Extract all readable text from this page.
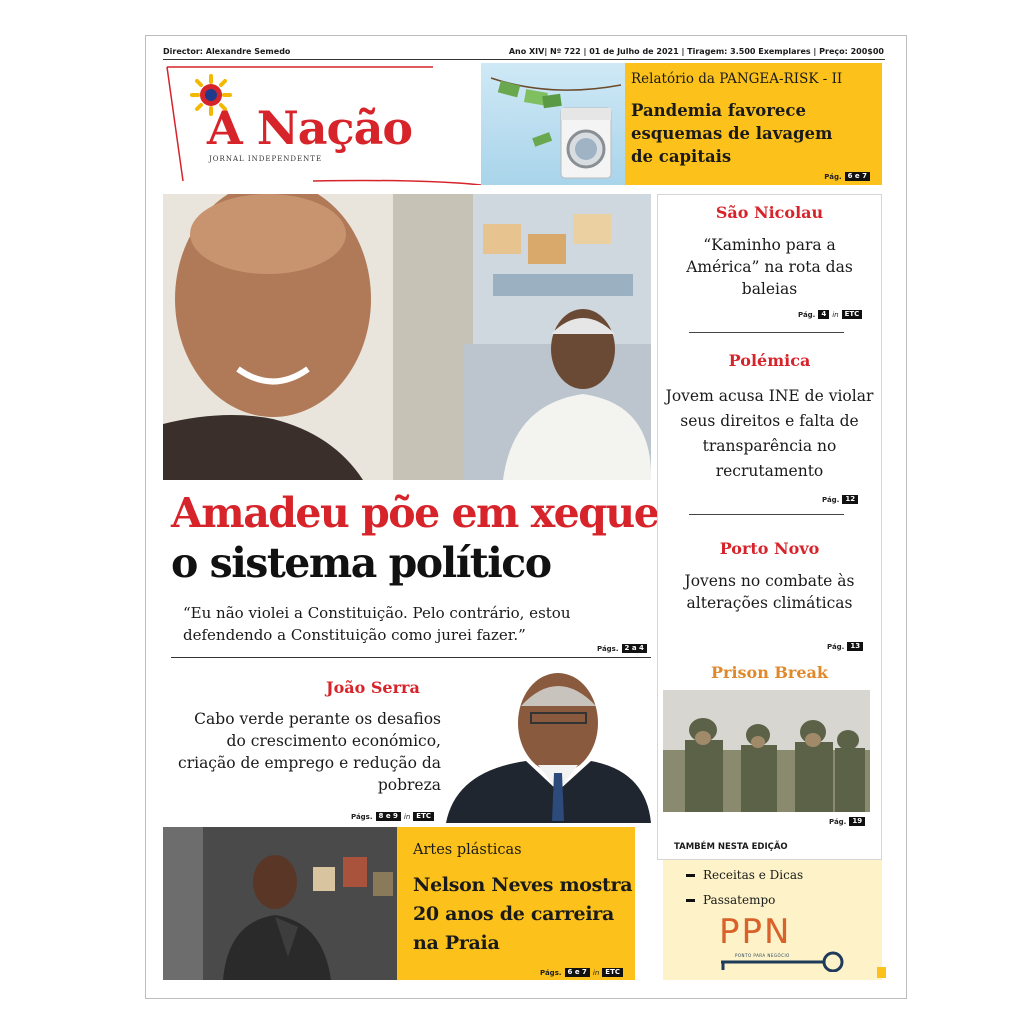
Director: Alexandre Semedo	Ano XIV| Nº 722 | 01 de Julho de 2021 | Tiragem: 3.500 Exemplares | Preço: 200$00
A Nação
JORNAL INDEPENDENTE
Relatório da PANGEA-RISK - II
Pandemia favorece esquemas de lavagem de capitais
Pág. 6 e 7
Amadeu põe em xeque
o sistema político
“Eu não violei a Constituição. Pelo contrário, estou defendendo a Constituição como jurei fazer.”
Págs. 2 a 4
João Serra
Cabo verde perante os desafios do crescimento económico, criação de emprego e redução da pobreza
Págs. 8 e 9 in ETC
São Nicolau
“Kaminho para a América” na rota das baleias
Pág. 4 in ETC
Polémica
Jovem acusa INE de violar seus direitos e falta de transparência no recrutamento
Pág. 12
Porto Novo
Jovens no combate às alterações climáticas
Pág. 13
Prison Break
Pág. 19
Artes plásticas
Nelson Neves mostra 20 anos de carreira na Praia
Págs. 6 e 7 in ETC
TAMBÉM NESTA EDIÇÃO
Receitas e Dicas
Passatempo
PPN
PONTO PARA NEGÓCIO
